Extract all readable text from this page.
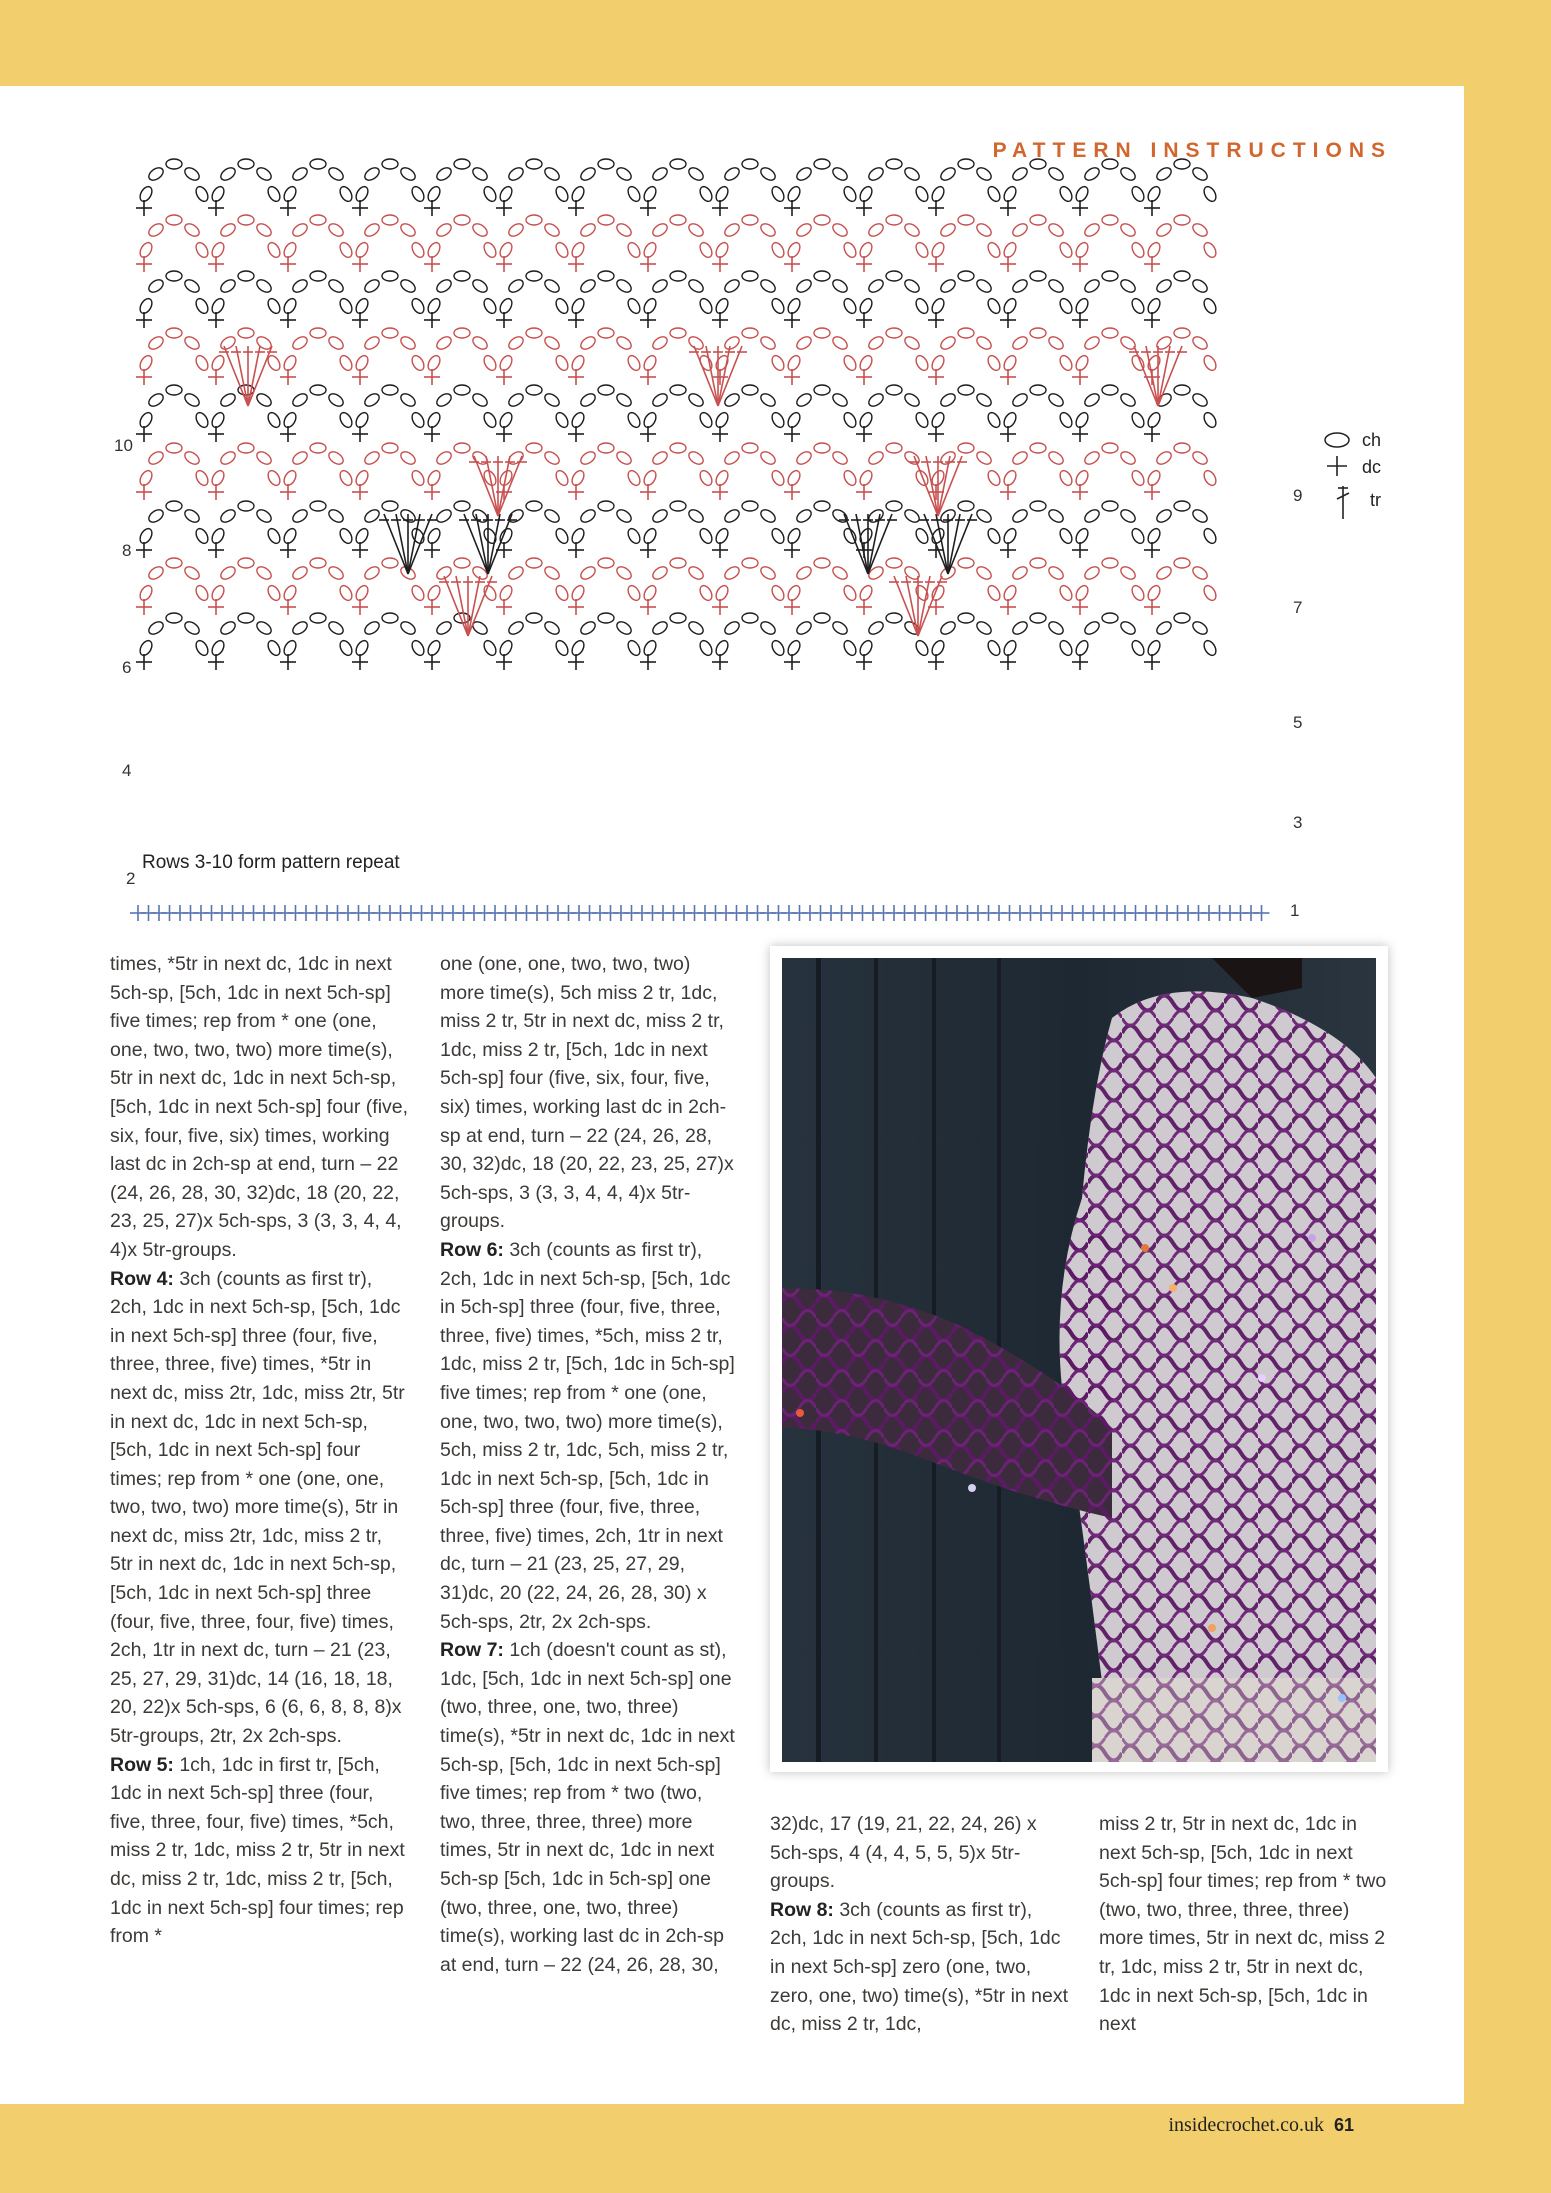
PATTERN INSTRUCTIONS
10
8
6
4
2
9
7
5
3
1
ch
dc
tr
Rows 3-10 form pattern repeat

times, *5tr in next dc, 1dc in next 5ch-sp, [5ch, 1dc in next 5ch-sp] five times; rep from * one (one, one, two, two, two) more time(s), 5tr in next dc, 1dc in next 5ch-sp, [5ch, 1dc in next 5ch-sp] four (five, six, four, five, six) times, working last dc in 2ch-sp at end, turn – 22 (24, 26, 28, 30, 32)dc, 18 (20, 22, 23, 25, 27)x 5ch-sps, 3 (3, 3, 4, 4, 4)x 5tr-groups.

Row 4: 3ch (counts as first tr), 2ch, 1dc in next 5ch-sp, [5ch, 1dc in next 5ch-sp] three (four, five, three, three, five) times, *5tr in next dc, miss 2tr, 1dc, miss 2tr, 5tr in next dc, 1dc in next 5ch-sp, [5ch, 1dc in next 5ch-sp] four times; rep from * one (one, one, two, two, two) more time(s), 5tr in next dc, miss 2tr, 1dc, miss 2 tr, 5tr in next dc, 1dc in next 5ch-sp, [5ch, 1dc in next 5ch-sp] three (four, five, three, four, five) times, 2ch, 1tr in next dc, turn – 21 (23, 25, 27, 29, 31)dc, 14 (16, 18, 18, 20, 22)x 5ch-sps, 6 (6, 6, 8, 8, 8)x 5tr-groups, 2tr, 2x 2ch-sps.

Row 5: 1ch, 1dc in first tr, [5ch, 1dc in next 5ch-sp] three (four, five, three, four, five) times, *5ch, miss 2 tr, 1dc, miss 2 tr, 5tr in next dc, miss 2 tr, 1dc, miss 2 tr, [5ch, 1dc in next 5ch-sp] four times; rep from *

one (one, one, two, two, two) more time(s), 5ch miss 2 tr, 1dc, miss 2 tr, 5tr in next dc, miss 2 tr, 1dc, miss 2 tr, [5ch, 1dc in next 5ch-sp] four (five, six, four, five, six) times, working last dc in 2ch-sp at end, turn – 22 (24, 26, 28, 30, 32)dc, 18 (20, 22, 23, 25, 27)x 5ch-sps, 3 (3, 3, 4, 4, 4)x 5tr-groups.

Row 6: 3ch (counts as first tr), 2ch, 1dc in next 5ch-sp, [5ch, 1dc in 5ch-sp] three (four, five, three, three, five) times, *5ch, miss 2 tr, 1dc, miss 2 tr, [5ch, 1dc in 5ch-sp] five times; rep from * one (one, one, two, two, two) more time(s), 5ch, miss 2 tr, 1dc, 5ch, miss 2 tr, 1dc in next 5ch-sp, [5ch, 1dc in 5ch-sp] three (four, five, three, three, five) times, 2ch, 1tr in next dc, turn – 21 (23, 25, 27, 29, 31)dc, 20 (22, 24, 26, 28, 30) x 5ch-sps, 2tr, 2x 2ch-sps.

Row 7: 1ch (doesn't count as st), 1dc, [5ch, 1dc in next 5ch-sp] one (two, three, one, two, three) time(s), *5tr in next dc, 1dc in next 5ch-sp, [5ch, 1dc in next 5ch-sp] five times; rep from * two (two, two, three, three, three) more times, 5tr in next dc, 1dc in next 5ch-sp [5ch, 1dc in 5ch-sp] one (two, three, one, two, three) time(s), working last dc in 2ch-sp at end, turn – 22 (24, 26, 28, 30,

32)dc, 17 (19, 21, 22, 24, 26) x 5ch-sps, 4 (4, 4, 5, 5, 5)x 5tr-groups.

Row 8: 3ch (counts as first tr), 2ch, 1dc in next 5ch-sp, [5ch, 1dc in next 5ch-sp] zero (one, two, zero, one, two) time(s), *5tr in next dc, miss 2 tr, 1dc,

miss 2 tr, 5tr in next dc, 1dc in next 5ch-sp, [5ch, 1dc in next 5ch-sp] four times; rep from * two (two, two, three, three, three) more times, 5tr in next dc, miss 2 tr, 1dc, miss 2 tr, 5tr in next dc, 1dc in next 5ch-sp, [5ch, 1dc in next

insidecrochet.co.uk 61
